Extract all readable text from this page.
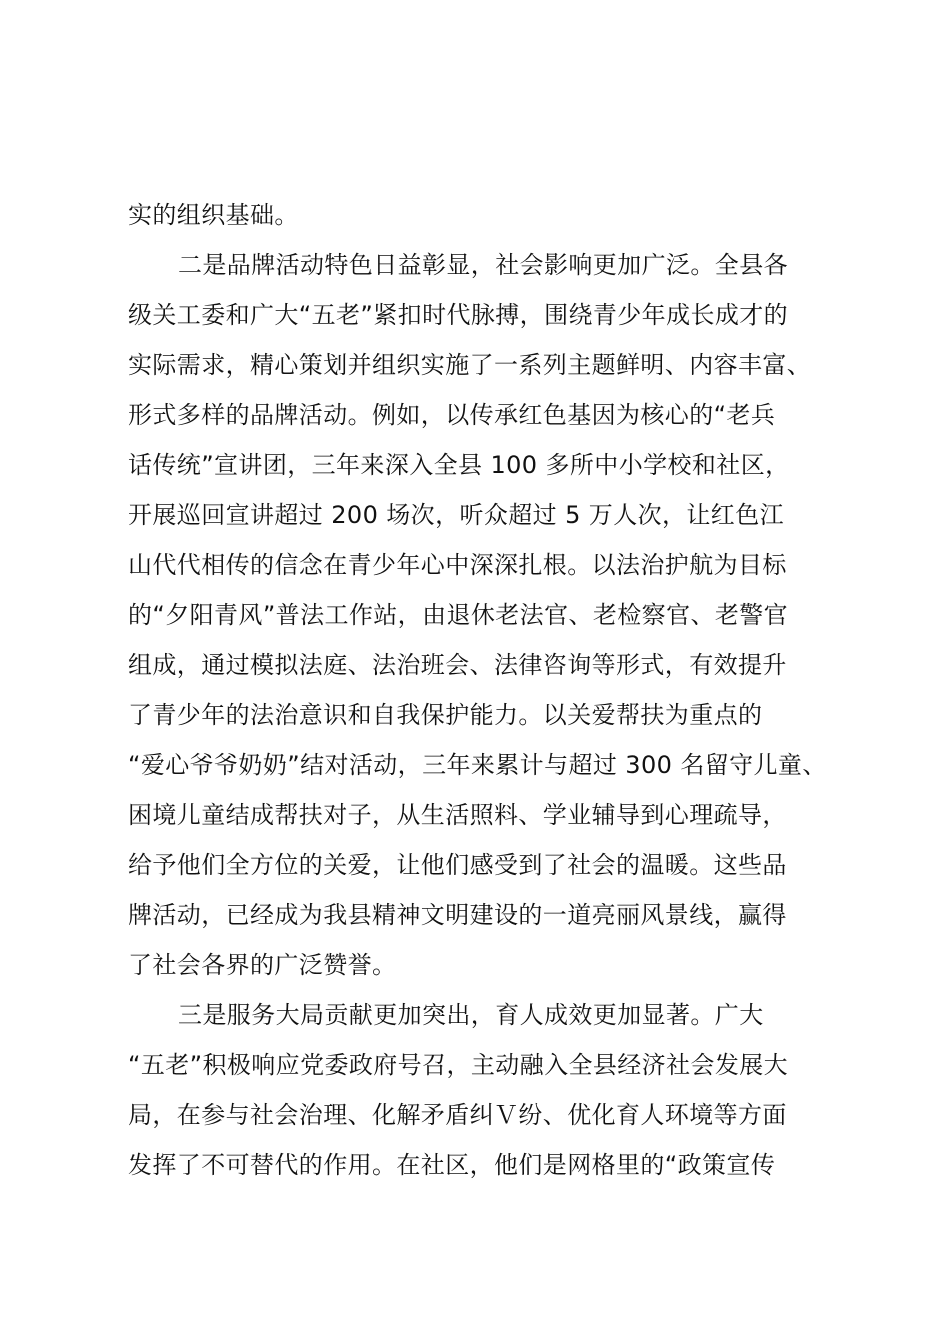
实的组织基础。

二是品牌活动特色日益彰显，社会影响更加广泛。全县各

级关工委和广大“五老”紧扣时代脉搏，围绕青少年成长成才的

实际需求，精心策划并组织实施了一系列主题鲜明、内容丰富、

形式多样的品牌活动。例如，以传承红色基因为核心的“老兵

话传统”宣讲团，三年来深入全县 100 多所中小学校和社区，

开展巡回宣讲超过 200 场次，听众超过 5 万人次，让红色江

山代代相传的信念在青少年心中深深扎根。以法治护航为目标

的“夕阳青风”普法工作站，由退休老法官、老检察官、老警官

组成，通过模拟法庭、法治班会、法律咨询等形式，有效提升

了青少年的法治意识和自我保护能力。以关爱帮扶为重点的

“爱心爷爷奶奶”结对活动，三年来累计与超过 300 名留守儿童、

困境儿童结成帮扶对子，从生活照料、学业辅导到心理疏导，

给予他们全方位的关爱，让他们感受到了社会的温暖。这些品

牌活动，已经成为我县精神文明建设的一道亮丽风景线，赢得

了社会各界的广泛赞誉。

三是服务大局贡献更加突出，育人成效更加显著。广大

“五老”积极响应党委政府号召，主动融入全县经济社会发展大

局，在参与社会治理、化解矛盾纠Ｖ纷、优化育人环境等方面

发挥了不可替代的作用。在社区，他们是网格里的“政策宣传
